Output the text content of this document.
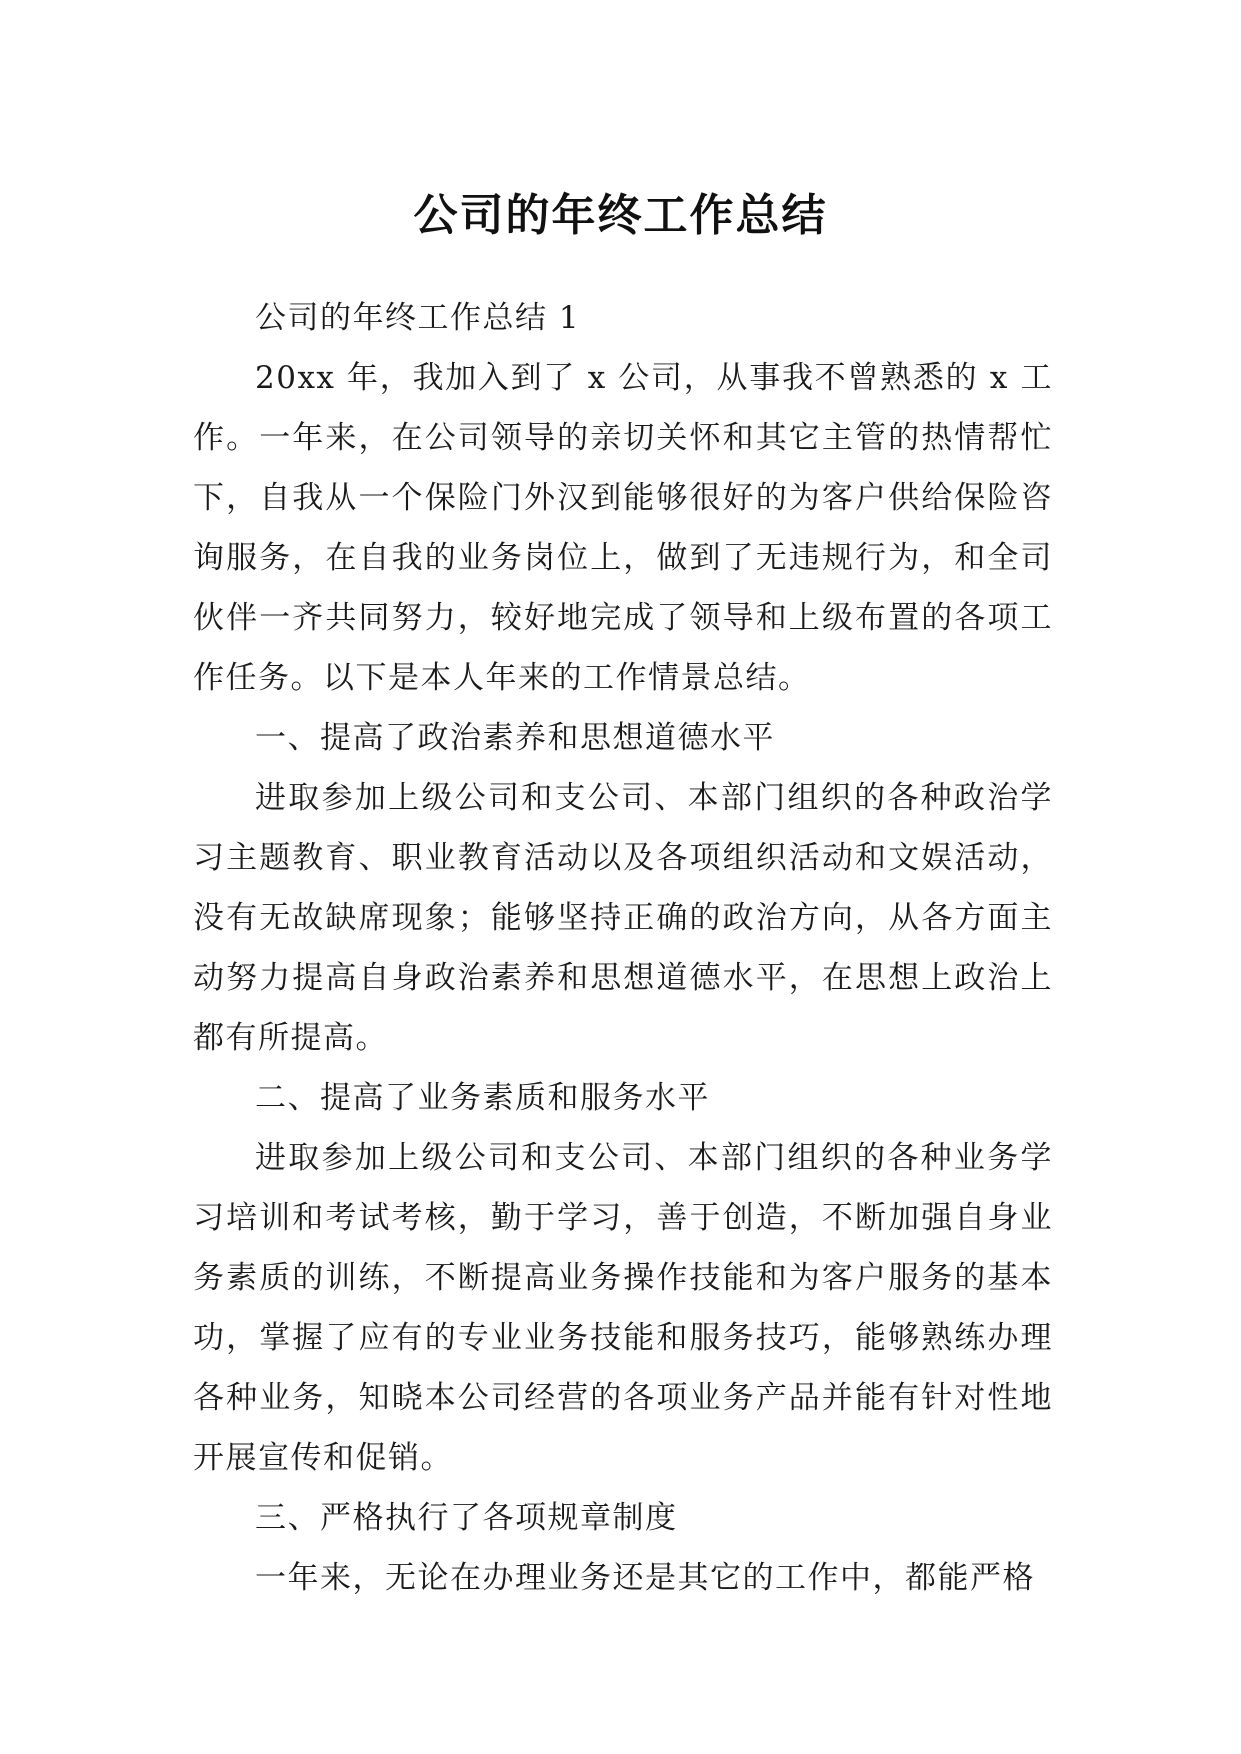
公司的年终工作总结

公司的年终工作总结 1

20xx 年，我加入到了 x 公司，从事我不曾熟悉的 x 工作。一年来，在公司领导的亲切关怀和其它主管的热情帮忙下，自我从一个保险门外汉到能够很好的为客户供给保险咨询服务，在自我的业务岗位上，做到了无违规行为，和全司伙伴一齐共同努力，较好地完成了领导和上级布置的各项工作任务。以下是本人年来的工作情景总结。

一、提高了政治素养和思想道德水平

进取参加上级公司和支公司、本部门组织的各种政治学习主题教育、职业教育活动以及各项组织活动和文娱活动，没有无故缺席现象；能够坚持正确的政治方向，从各方面主动努力提高自身政治素养和思想道德水平，在思想上政治上都有所提高。

二、提高了业务素质和服务水平

进取参加上级公司和支公司、本部门组织的各种业务学习培训和考试考核，勤于学习，善于创造，不断加强自身业务素质的训练，不断提高业务操作技能和为客户服务的基本功，掌握了应有的专业业务技能和服务技巧，能够熟练办理各种业务，知晓本公司经营的各项业务产品并能有针对性地开展宣传和促销。

三、严格执行了各项规章制度

一年来，无论在办理业务还是其它的工作中，都能严格
